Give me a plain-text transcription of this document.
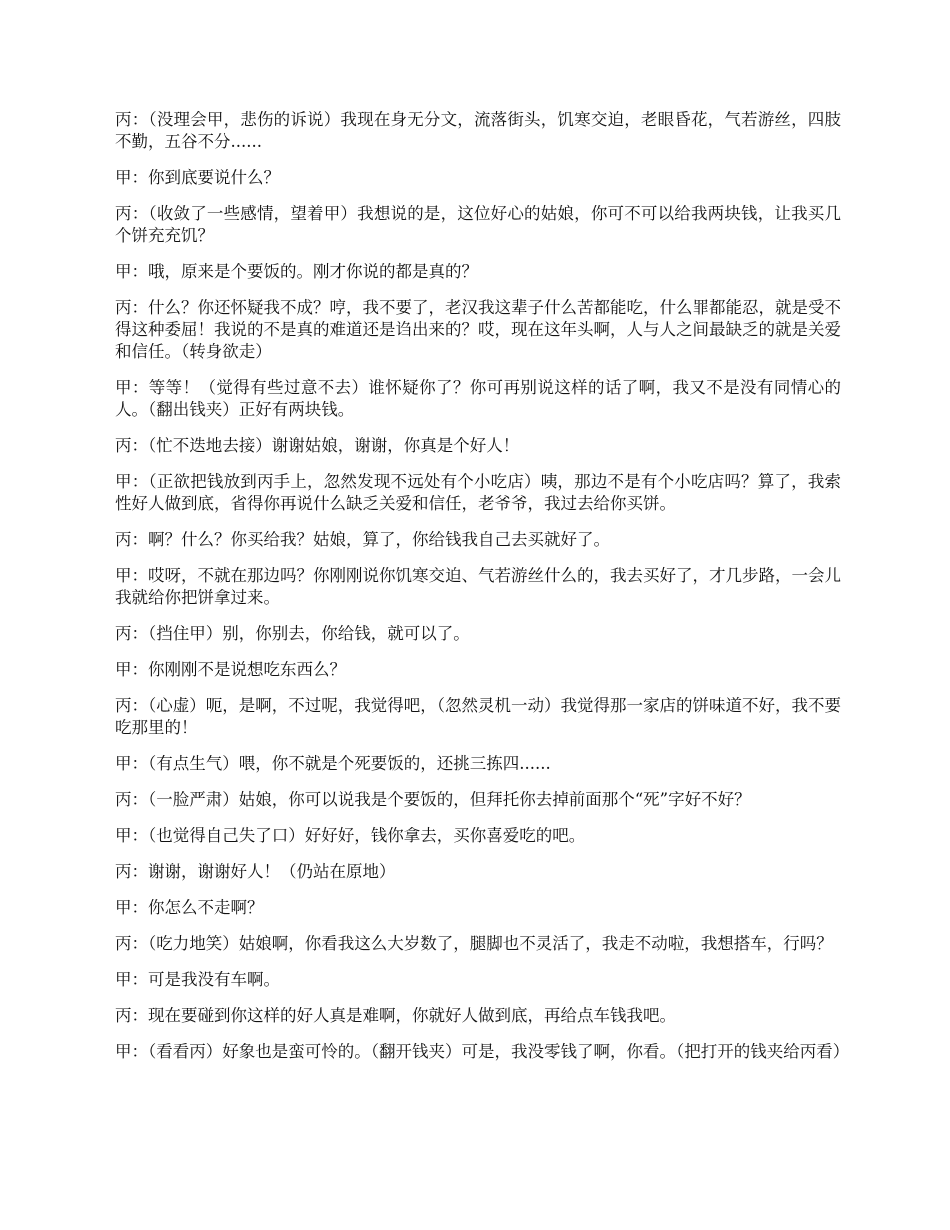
丙：（没理会甲，悲伤的诉说）我现在身无分文，流落街头，饥寒交迫，老眼昏花，气若游丝，四肢不勤，五谷不分......

甲：你到底要说什么？

丙：（收敛了一些感情，望着甲）我想说的是，这位好心的姑娘，你可不可以给我两块钱，让我买几个饼充充饥？

甲：哦，原来是个要饭的。刚才你说的都是真的？

丙：什么？你还怀疑我不成？哼，我不要了，老汉我这辈子什么苦都能吃，什么罪都能忍，就是受不得这种委屈！我说的不是真的难道还是诌出来的？哎，现在这年头啊，人与人之间最缺乏的就是关爱和信任。（转身欲走）

甲：等等！（觉得有些过意不去）谁怀疑你了？你可再别说这样的话了啊，我又不是没有同情心的人。（翻出钱夹）正好有两块钱。

丙：（忙不迭地去接）谢谢姑娘，谢谢，你真是个好人！

甲：（正欲把钱放到丙手上，忽然发现不远处有个小吃店）咦，那边不是有个小吃店吗？算了，我索性好人做到底，省得你再说什么缺乏关爱和信任，老爷爷，我过去给你买饼。

丙：啊？什么？你买给我？姑娘，算了，你给钱我自己去买就好了。

甲：哎呀，不就在那边吗？你刚刚说你饥寒交迫、气若游丝什么的，我去买好了，才几步路，一会儿我就给你把饼拿过来。

丙：（挡住甲）别，你别去，你给钱，就可以了。

甲：你刚刚不是说想吃东西么？

丙：（心虚）呃，是啊，不过呢，我觉得吧，（忽然灵机一动）我觉得那一家店的饼味道不好，我不要吃那里的！

甲：（有点生气）喂，你不就是个死要饭的，还挑三拣四......

丙：（一脸严肃）姑娘，你可以说我是个要饭的，但拜托你去掉前面那个“死”字好不好？

甲：（也觉得自己失了口）好好好，钱你拿去，买你喜爱吃的吧。

丙：谢谢，谢谢好人！（仍站在原地）

甲：你怎么不走啊？

丙：（吃力地笑）姑娘啊，你看我这么大岁数了，腿脚也不灵活了，我走不动啦，我想搭车，行吗？

甲：可是我没有车啊。

丙：现在要碰到你这样的好人真是难啊，你就好人做到底，再给点车钱我吧。

甲：（看看丙）好象也是蛮可怜的。（翻开钱夹）可是，我没零钱了啊，你看。（把打开的钱夹给丙看）
